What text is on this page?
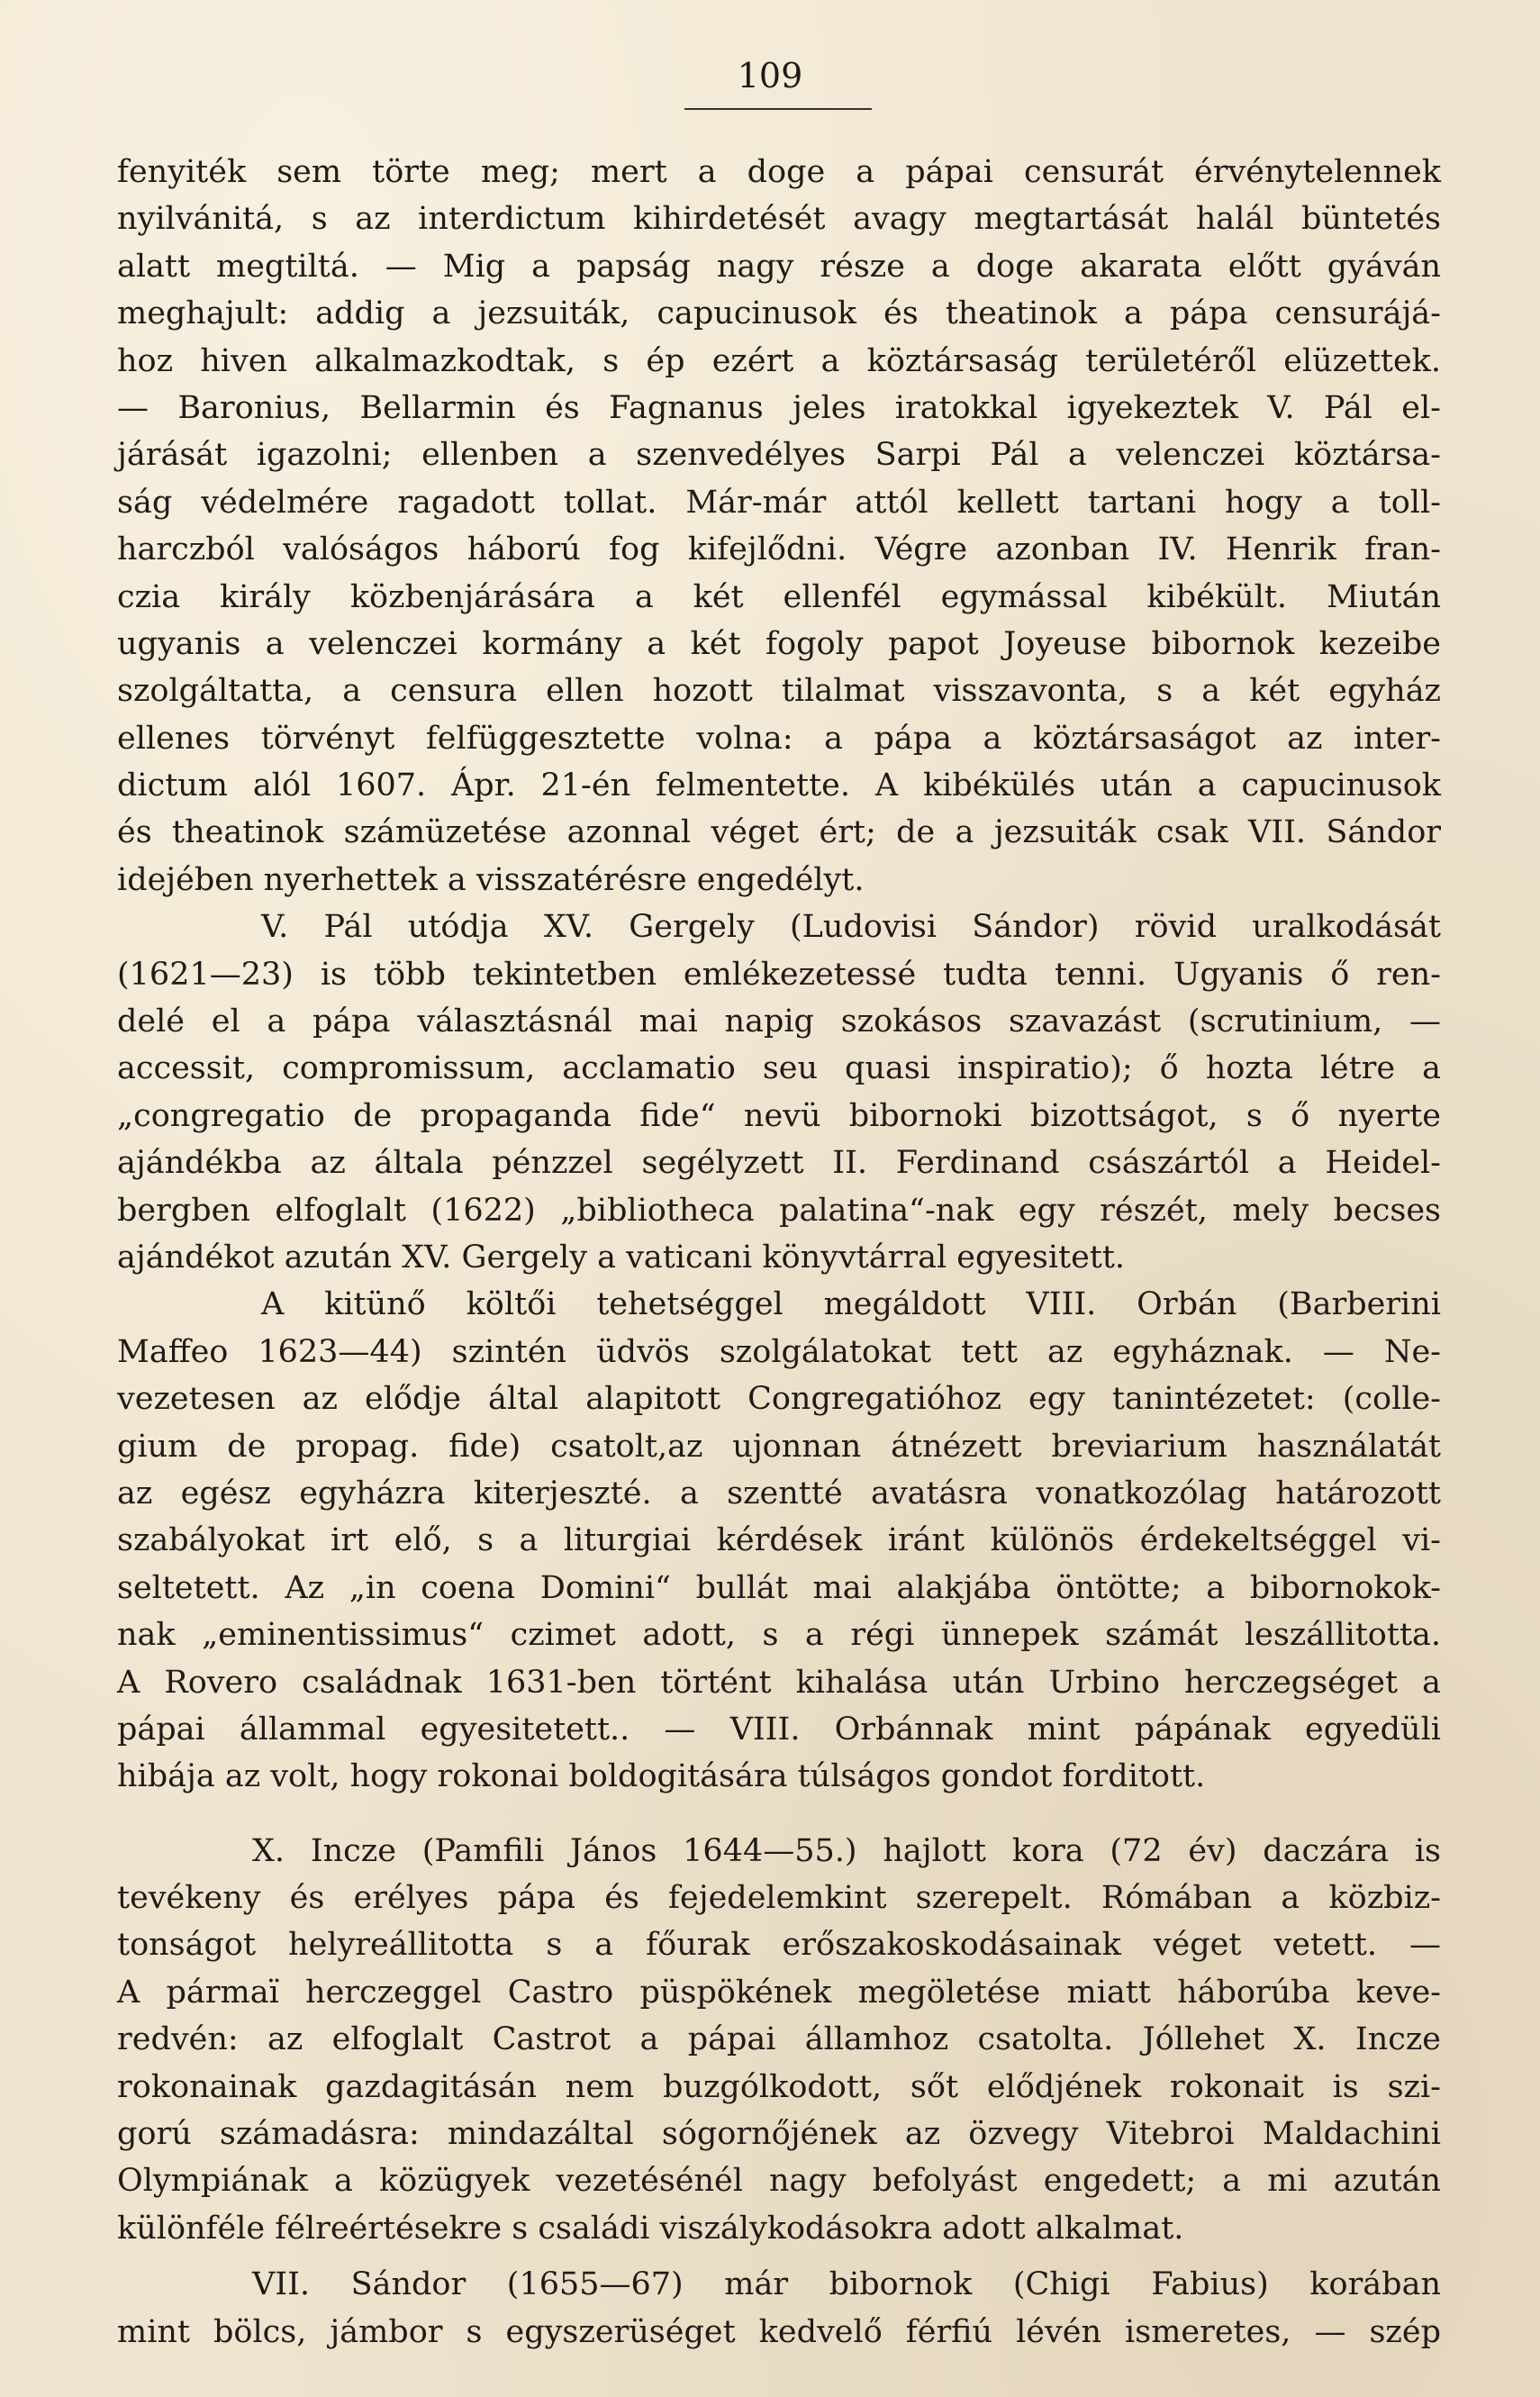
109
fenyiték sem törte meg; mert a doge a pápai censurát érvénytelennek
nyilvánitá, s az interdictum kihirdetését avagy megtartását halál büntetés
alatt megtiltá. — Mig a papság nagy része a doge akarata előtt gyáván
meghajult: addig a jezsuiták, capucinusok és theatinok a pápa censurájá-
hoz hiven alkalmazkodtak, s ép ezért a köztársaság területéről elüzettek.
— Baronius, Bellarmin és Fagnanus jeles iratokkal igyekeztek V. Pál el-
járását igazolni; ellenben a szenvedélyes Sarpi Pál a velenczei köztársa-
ság védelmére ragadott tollat. Már-már attól kellett tartani hogy a toll-
harczból valóságos háború fog kifejlődni. Végre azonban IV. Henrik fran-
czia király közbenjárására a két ellenfél egymással kibékült. Miután
ugyanis a velenczei kormány a két fogoly papot Joyeuse bibornok kezeibe
szolgáltatta, a censura ellen hozott tilalmat visszavonta, s a két egyház
ellenes törvényt felfüggesztette volna: a pápa a köztársaságot az inter-
dictum alól 1607. Ápr. 21-én felmentette. A kibékülés után a capucinusok
és theatinok számüzetése azonnal véget ért; de a jezsuiták csak VII. Sándor
idejében nyerhettek a visszatérésre engedélyt.
V. Pál utódja XV. Gergely (Ludovisi Sándor) rövid uralkodását
(1621—23) is több tekintetben emlékezetessé tudta tenni. Ugyanis ő ren-
delé el a pápa választásnál mai napig szokásos szavazást (scrutinium, —
accessit, compromissum, acclamatio seu quasi inspiratio); ő hozta létre a
„congregatio de propaganda fide“ nevü bibornoki bizottságot, s ő nyerte
ajándékba az általa pénzzel segélyzett II. Ferdinand császártól a Heidel-
bergben elfoglalt (1622) „bibliotheca palatina“-nak egy részét, mely becses
ajándékot azután XV. Gergely a vaticani könyvtárral egyesitett.
A kitünő költői tehetséggel megáldott VIII. Orbán (Barberini
Maffeo 1623—44) szintén üdvös szolgálatokat tett az egyháznak. — Ne-
vezetesen az elődje által alapitott Congregatióhoz egy tanintézetet: (colle-
gium de propag. fide) csatolt,az ujonnan átnézett breviarium használatát
az egész egyházra kiterjeszté. a szentté avatásra vonatkozólag határozott
szabályokat irt elő, s a liturgiai kérdések iránt különös érdekeltséggel vi-
seltetett. Az „in coena Domini“ bullát mai alakjába öntötte; a bibornokok-
nak „eminentissimus“ czimet adott, s a régi ünnepek számát leszállitotta.
A Rovero családnak 1631-ben történt kihalása után Urbino herczegséget a
pápai állammal egyesitetett.. — VIII. Orbánnak mint pápának egyedüli
hibája az volt, hogy rokonai boldogitására túlságos gondot forditott.
X. Incze (Pamfili János 1644—55.) hajlott kora (72 év) daczára is
tevékeny és erélyes pápa és fejedelemkint szerepelt. Rómában a közbiz-
tonságot helyreállitotta s a főurak erőszakoskodásainak véget vetett. —
A pármaï herczeggel Castro püspökének megöletése miatt háborúba keve-
redvén: az elfoglalt Castrot a pápai államhoz csatolta. Jóllehet X. Incze
rokonainak gazdagitásán nem buzgólkodott, sőt elődjének rokonait is szi-
gorú számadásra: mindazáltal sógornőjének az özvegy Vitebroi Maldachini
Olympiának a közügyek vezetésénél nagy befolyást engedett; a mi azután
különféle félreértésekre s családi viszálykodásokra adott alkalmat.
VII. Sándor (1655—67) már bibornok (Chigi Fabius) korában
mint bölcs, jámbor s egyszerüséget kedvelő férfiú lévén ismeretes, — szép
